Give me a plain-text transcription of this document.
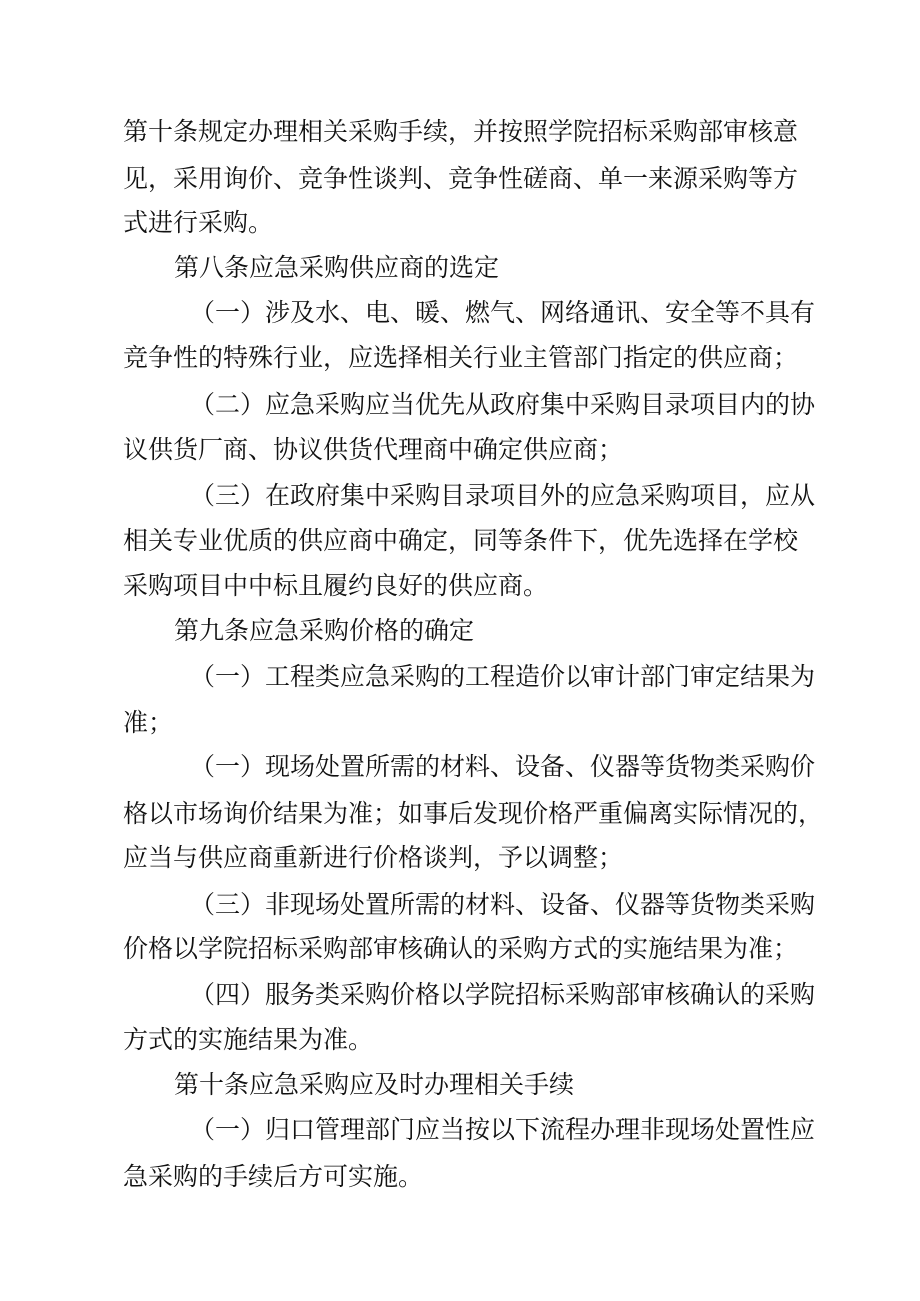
第十条规定办理相关采购手续，并按照学院招标采购部审核意
见，采用询价、竞争性谈判、竞争性磋商、单一来源采购等方
式进行采购。
第八条应急采购供应商的选定
（一）涉及水、电、暖、燃气、网络通讯、安全等不具有
竞争性的特殊行业，应选择相关行业主管部门指定的供应商；
（二）应急采购应当优先从政府集中采购目录项目内的协
议供货厂商、协议供货代理商中确定供应商；
（三）在政府集中采购目录项目外的应急采购项目，应从
相关专业优质的供应商中确定，同等条件下，优先选择在学校
采购项目中中标且履约良好的供应商。
第九条应急采购价格的确定
（一）工程类应急采购的工程造价以审计部门审定结果为
准；
（一）现场处置所需的材料、设备、仪器等货物类采购价
格以市场询价结果为准；如事后发现价格严重偏离实际情况的，
应当与供应商重新进行价格谈判，予以调整；
（三）非现场处置所需的材料、设备、仪器等货物类采购
价格以学院招标采购部审核确认的采购方式的实施结果为准；
（四）服务类采购价格以学院招标采购部审核确认的采购
方式的实施结果为准。
第十条应急采购应及时办理相关手续
（一）归口管理部门应当按以下流程办理非现场处置性应
急采购的手续后方可实施。
